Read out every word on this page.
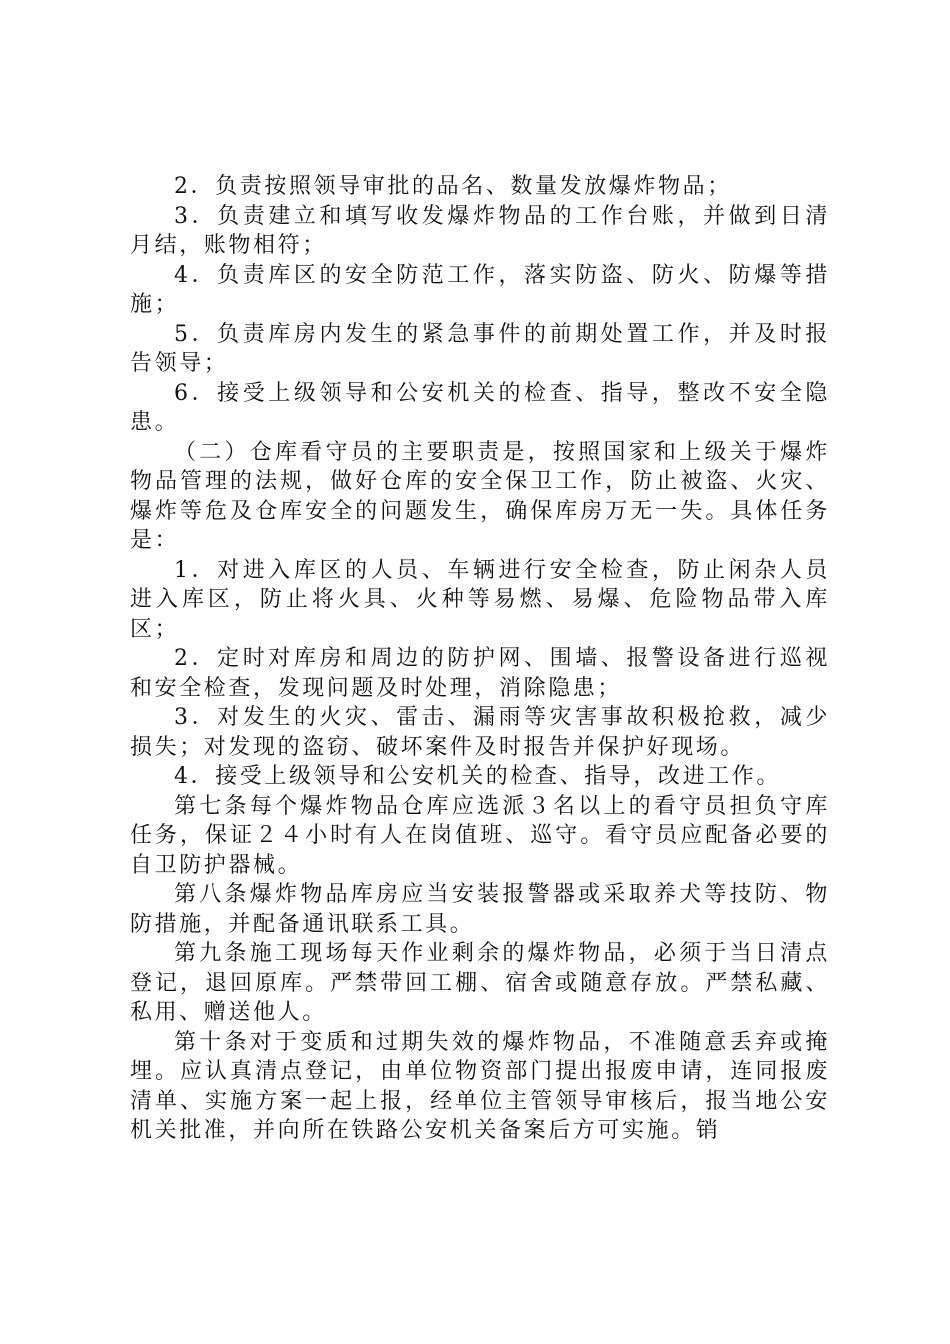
2．负责按照领导审批的品名、数量发放爆炸物品；

3．负责建立和填写收发爆炸物品的工作台账，并做到日清月结，账物相符；

4．负责库区的安全防范工作，落实防盗、防火、防爆等措施；

5．负责库房内发生的紧急事件的前期处置工作，并及时报告领导；

6．接受上级领导和公安机关的检查、指导，整改不安全隐患。

（二）仓库看守员的主要职责是，按照国家和上级关于爆炸物品管理的法规，做好仓库的安全保卫工作，防止被盗、火灾、爆炸等危及仓库安全的问题发生，确保库房万无一失。具体任务是：

1．对进入库区的人员、车辆进行安全检查，防止闲杂人员进入库区，防止将火具、火种等易燃、易爆、危险物品带入库区；

2．定时对库房和周边的防护网、围墙、报警设备进行巡视和安全检查，发现问题及时处理，消除隐患；

3．对发生的火灾、雷击、漏雨等灾害事故积极抢救，减少损失；对发现的盗窃、破坏案件及时报告并保护好现场。

4．接受上级领导和公安机关的检查、指导，改进工作。

第七条每个爆炸物品仓库应选派３名以上的看守员担负守库任务，保证２４小时有人在岗值班、巡守。看守员应配备必要的自卫防护器械。

第八条爆炸物品库房应当安装报警器或采取养犬等技防、物防措施，并配备通讯联系工具。

第九条施工现场每天作业剩余的爆炸物品，必须于当日清点登记，退回原库。严禁带回工棚、宿舍或随意存放。严禁私藏、私用、赠送他人。

第十条对于变质和过期失效的爆炸物品，不准随意丢弃或掩埋。应认真清点登记，由单位物资部门提出报废申请，连同报废清单、实施方案一起上报，经单位主管领导审核后，报当地公安机关批准，并向所在铁路公安机关备案后方可实施。销
